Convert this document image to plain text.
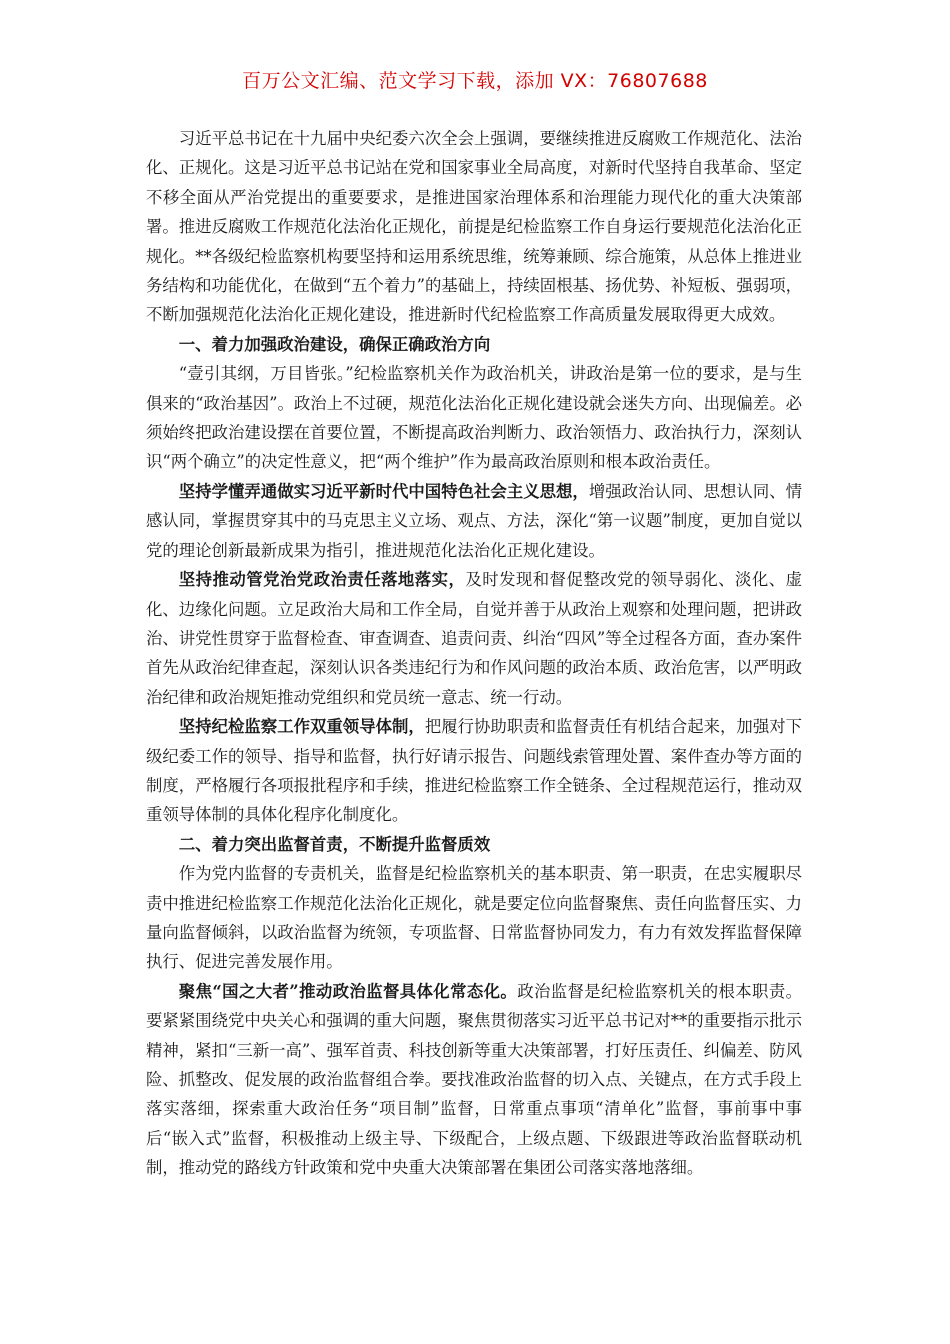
百万公文汇编、范文学习下载，添加 VX：76807688

习近平总书记在十九届中央纪委六次全会上强调，要继续推进反腐败工作规范化、法治化、正规化。这是习近平总书记站在党和国家事业全局高度，对新时代坚持自我革命、坚定不移全面从严治党提出的重要要求，是推进国家治理体系和治理能力现代化的重大决策部署。推进反腐败工作规范化法治化正规化，前提是纪检监察工作自身运行要规范化法治化正规化。**各级纪检监察机构要坚持和运用系统思维，统筹兼顾、综合施策，从总体上推进业务结构和功能优化，在做到“五个着力”的基础上，持续固根基、扬优势、补短板、强弱项，不断加强规范化法治化正规化建设，推进新时代纪检监察工作高质量发展取得更大成效。

一、着力加强政治建设，确保正确政治方向

“壹引其纲，万目皆张。”纪检监察机关作为政治机关，讲政治是第一位的要求，是与生俱来的“政治基因”。政治上不过硬，规范化法治化正规化建设就会迷失方向、出现偏差。必须始终把政治建设摆在首要位置，不断提高政治判断力、政治领悟力、政治执行力，深刻认识“两个确立”的决定性意义，把“两个维护”作为最高政治原则和根本政治责任。

坚持学懂弄通做实习近平新时代中国特色社会主义思想，增强政治认同、思想认同、情感认同，掌握贯穿其中的马克思主义立场、观点、方法，深化“第一议题”制度，更加自觉以党的理论创新最新成果为指引，推进规范化法治化正规化建设。

坚持推动管党治党政治责任落地落实，及时发现和督促整改党的领导弱化、淡化、虚化、边缘化问题。立足政治大局和工作全局，自觉并善于从政治上观察和处理问题，把讲政治、讲党性贯穿于监督检查、审查调查、追责问责、纠治“四风”等全过程各方面，查办案件首先从政治纪律查起，深刻认识各类违纪行为和作风问题的政治本质、政治危害，以严明政治纪律和政治规矩推动党组织和党员统一意志、统一行动。

坚持纪检监察工作双重领导体制，把履行协助职责和监督责任有机结合起来，加强对下级纪委工作的领导、指导和监督，执行好请示报告、问题线索管理处置、案件查办等方面的制度，严格履行各项报批程序和手续，推进纪检监察工作全链条、全过程规范运行，推动双重领导体制的具体化程序化制度化。

二、着力突出监督首责，不断提升监督质效

作为党内监督的专责机关，监督是纪检监察机关的基本职责、第一职责，在忠实履职尽责中推进纪检监察工作规范化法治化正规化，就是要定位向监督聚焦、责任向监督压实、力量向监督倾斜，以政治监督为统领，专项监督、日常监督协同发力，有力有效发挥监督保障执行、促进完善发展作用。

聚焦“国之大者”推动政治监督具体化常态化。政治监督是纪检监察机关的根本职责。要紧紧围绕党中央关心和强调的重大问题，聚焦贯彻落实习近平总书记对**的重要指示批示精神，紧扣“三新一高”、强军首责、科技创新等重大决策部署，打好压责任、纠偏差、防风险、抓整改、促发展的政治监督组合拳。要找准政治监督的切入点、关键点，在方式手段上落实落细，探索重大政治任务“项目制”监督，日常重点事项“清单化”监督，事前事中事后“嵌入式”监督，积极推动上级主导、下级配合，上级点题、下级跟进等政治监督联动机制，推动党的路线方针政策和党中央重大决策部署在集团公司落实落地落细。
